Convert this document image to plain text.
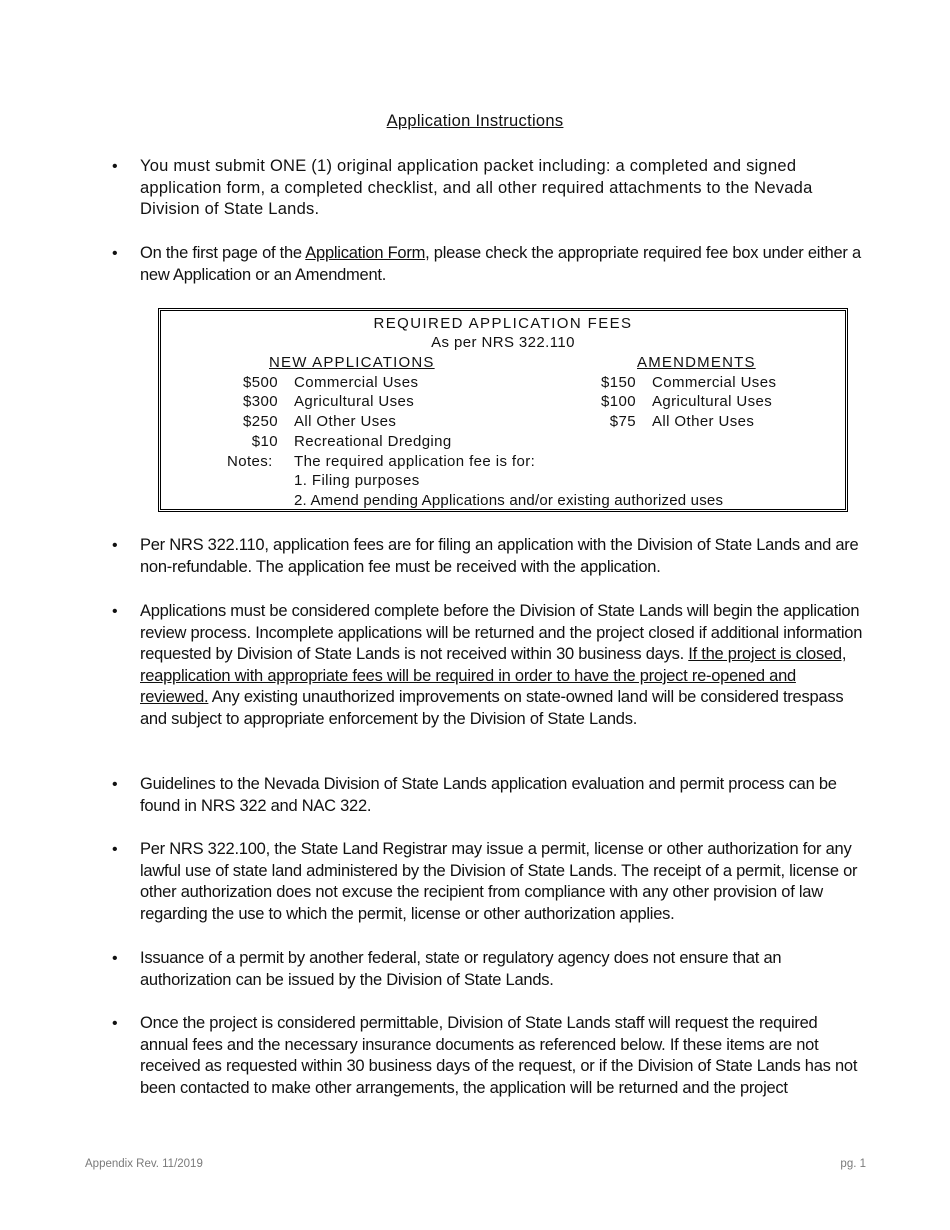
Application Instructions
• You must submit ONE (1) original application packet including: a completed and signed application form, a completed checklist, and all other required attachments to the Nevada Division of State Lands.
• On the first page of the Application Form, please check the appropriate required fee box under either a new Application or an Amendment.
REQUIRED APPLICATION FEES
As per NRS 322.110
NEW APPLICATIONS	AMENDMENTS
$500 Commercial Uses
$300 Agricultural Uses
$250 All Other Uses
$10 Recreational Dredging
$150 Commercial Uses
$100 Agricultural Uses
$75 All Other Uses
Notes: The required application fee is for:
1. Filing purposes
2. Amend pending Applications and/or existing authorized uses
• Per NRS 322.110, application fees are for filing an application with the Division of State Lands and are non-refundable. The application fee must be received with the application.
• Applications must be considered complete before the Division of State Lands will begin the application review process. Incomplete applications will be returned and the project closed if additional information requested by Division of State Lands is not received within 30 business days. If the project is closed, reapplication with appropriate fees will be required in order to have the project re-opened and reviewed. Any existing unauthorized improvements on state-owned land will be considered trespass and subject to appropriate enforcement by the Division of State Lands.
• Guidelines to the Nevada Division of State Lands application evaluation and permit process can be found in NRS 322 and NAC 322.
• Per NRS 322.100, the State Land Registrar may issue a permit, license or other authorization for any lawful use of state land administered by the Division of State Lands. The receipt of a permit, license or other authorization does not excuse the recipient from compliance with any other provision of law regarding the use to which the permit, license or other authorization applies.
• Issuance of a permit by another federal, state or regulatory agency does not ensure that an authorization can be issued by the Division of State Lands.
• Once the project is considered permittable, Division of State Lands staff will request the required annual fees and the necessary insurance documents as referenced below. If these items are not received as requested within 30 business days of the request, or if the Division of State Lands has not been contacted to make other arrangements, the application will be returned and the project
Appendix Rev. 11/2019	pg. 1
